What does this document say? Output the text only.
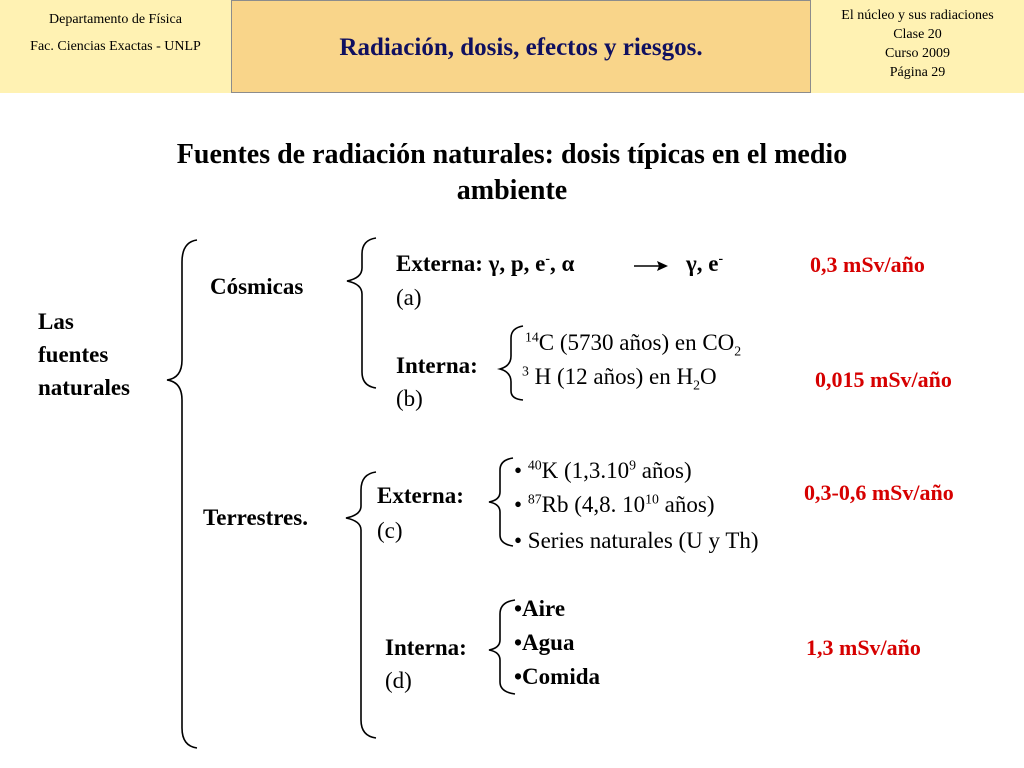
Departamento de Física
Fac. Ciencias Exactas - UNLP	Radiación, dosis, efectos y riesgos.
El núcleo y sus radiaciones
Clase 20
Curso 2009
Página 29
Fuentes de radiación naturales: dosis típicas en el medio
ambiente
Las
fuentes
naturales
Cósmicas
Externa: γ, p, e-, α	γ, e-
(a)
0,3 mSv/año
Interna:
(b)
$^{14}$C (5730 años) en $CO_2$
$^3$ H (12 años) en $H_2O$	0,015 mSv/año
Terrestres.
Externa:
(c)
• $^{40}$K (1,3.10$^9$ años)
• $^{87}$Rb (4,8. $10^{10}$ años)
• Series naturales (U y Th)
0,3-0,6 mSv/año
Interna:
(d)
•Aire
•Agua
•Comida
1,3 mSv/año
